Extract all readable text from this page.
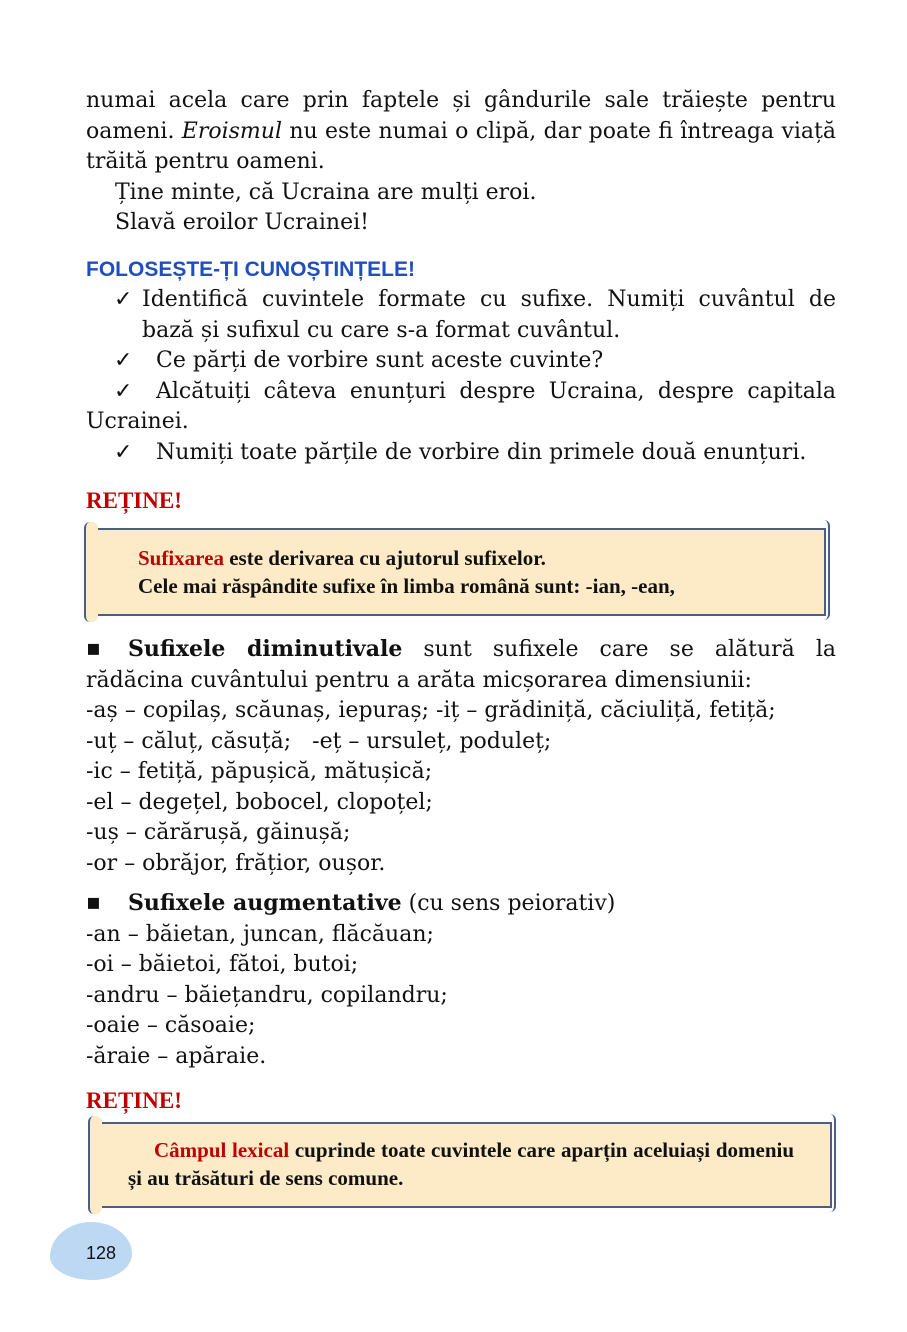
numai acela care prin faptele și gândurile sale trăiește pentru oameni. Eroismul nu este numai o clipă, dar poate fi întreaga viață trăită pentru oameni.

Ține minte, că Ucraina are mulți eroi.

Slavă eroilor Ucrainei!

FOLOSEȘTE-ȚI CUNOȘTINȚELE!
✓ Identifică cuvintele formate cu sufixe. Numiți cuvântul de bază și sufixul cu care s-a format cuvântul.
✓ Ce părți de vorbire sunt aceste cuvinte?
✓ Alcătuiți câteva enunțuri despre Ucraina, despre capitala Ucrainei.
✓ Numiți toate părțile de vorbire din primele două enunțuri.
REȚINE!
Sufixarea este derivarea cu ajutorul sufixelor.
Cele mai răspândite sufixe în limba română sunt: -ian, -ean,
▪ Sufixele diminutivale sunt sufixele care se alătură la rădăcina cuvântului pentru a arăta micșorarea dimensiunii:
-aș – copilaș, scăunaș, iepuraș; -iț – grădiniță, căciuliță, fetiță;
-uț – căluț, căsuță;   -eț – ursuleț, poduleț;
-ic – fetiță, păpușică, mătușică;
-el – degețel, bobocel, clopoțel;
-uș – cărărușă, găinușă;
-or – obrăjor, frățior, oușor.
▪ Sufixele augmentative (cu sens peiorativ)
-an – băietan, juncan, flăcăuan;
-oi – băietoi, fătoi, butoi;
-andru – băiețandru, copilandru;
-oaie – căsoaie;
-ăraie – apăraie.
REȚINE!
Câmpul lexical cuprinde toate cuvintele care aparțin aceluiași domeniu și au trăsături de sens comune.
128
